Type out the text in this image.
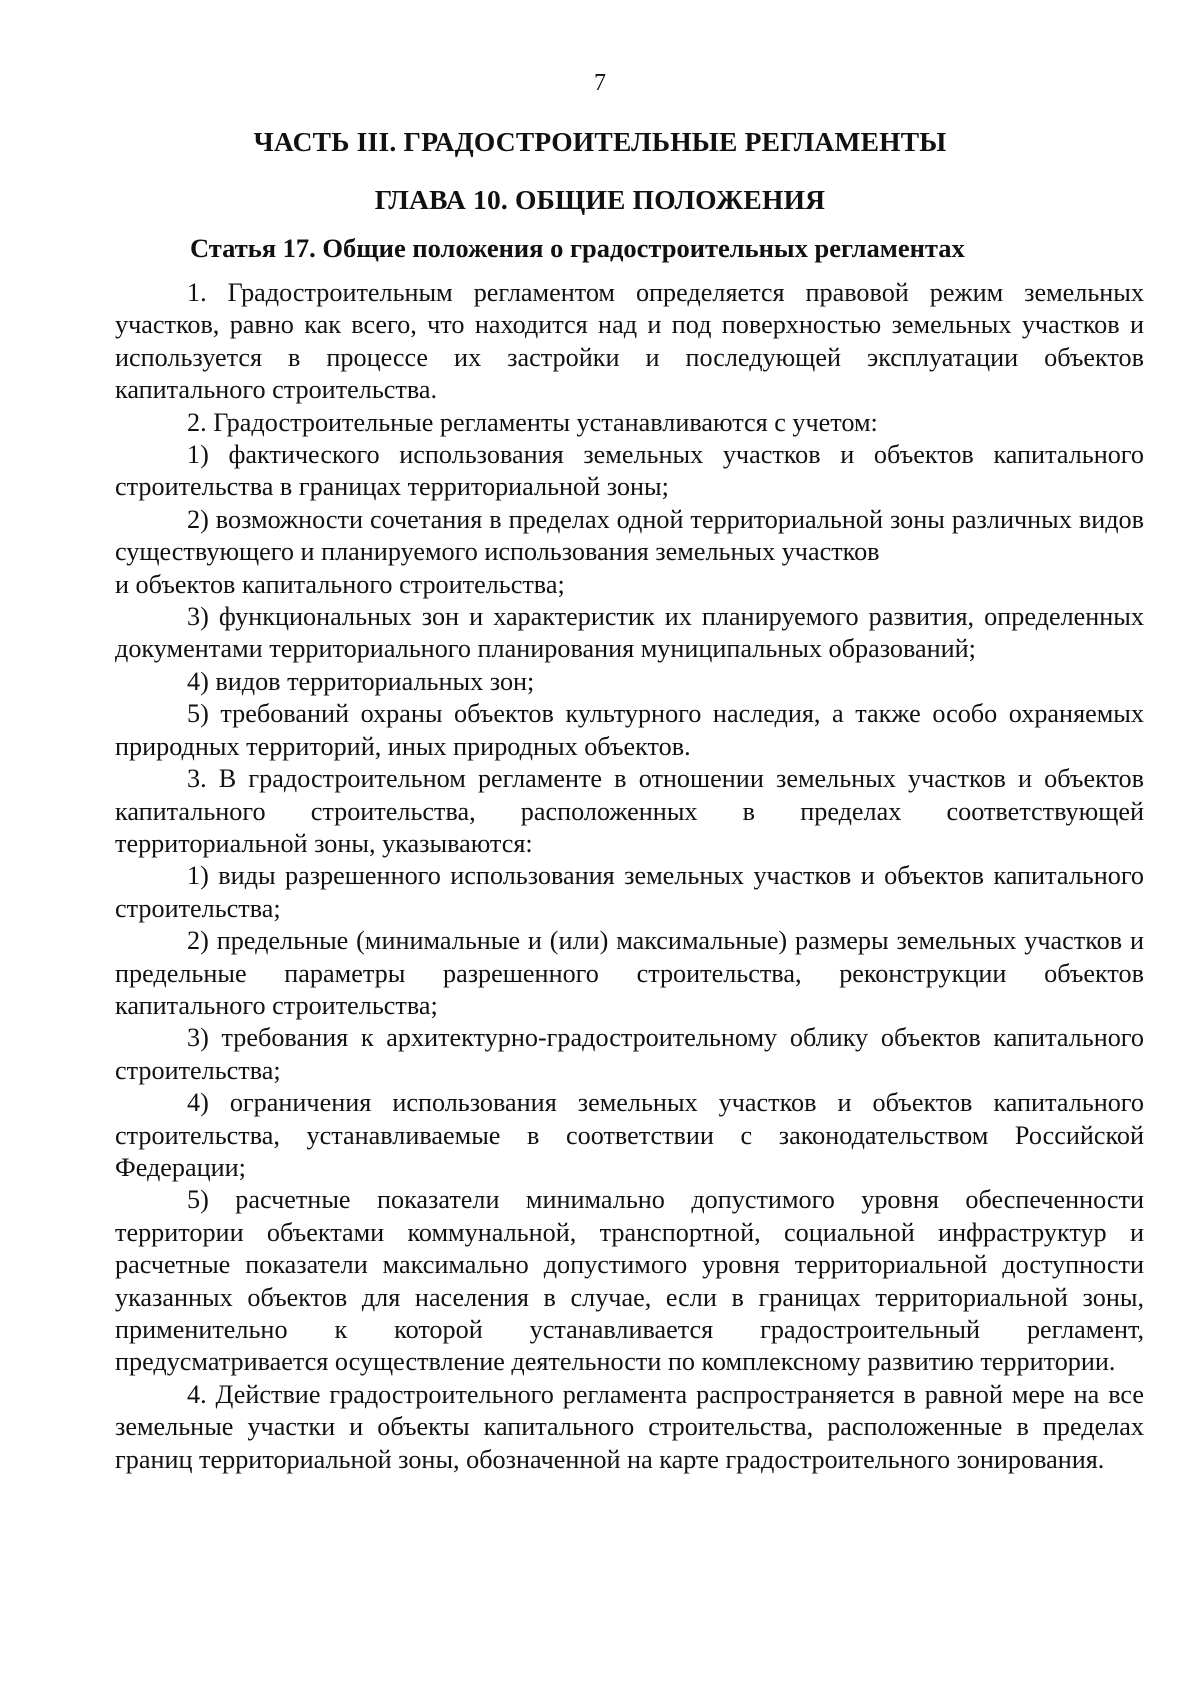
7
ЧАСТЬ III. ГРАДОСТРОИТЕЛЬНЫЕ РЕГЛАМЕНТЫ
ГЛАВА 10. ОБЩИЕ ПОЛОЖЕНИЯ
Статья 17. Общие положения о градостроительных регламентах

1. Градостроительным регламентом определяется правовой режим земельных участков, равно как всего, что находится над и под поверхностью земельных участков и используется в процессе их застройки и последующей эксплуатации объектов капитального строительства.

2. Градостроительные регламенты устанавливаются с учетом:

1) фактического использования земельных участков и объектов капитального строительства в границах территориальной зоны;

2) возможности сочетания в пределах одной территориальной зоны различных видов существующего и планируемого использования земельных участков

и объектов капитального строительства;

3) функциональных зон и характеристик их планируемого развития, определенных документами территориального планирования муниципальных образований;

4) видов территориальных зон;

5) требований охраны объектов культурного наследия, а также особо охраняемых природных территорий, иных природных объектов.

3. В градостроительном регламенте в отношении земельных участков и объектов капитального строительства, расположенных в пределах соответствующей территориальной зоны, указываются:

1) виды разрешенного использования земельных участков и объектов капитального строительства;

2) предельные (минимальные и (или) максимальные) размеры земельных участков и предельные параметры разрешенного строительства, реконструкции объектов капитального строительства;

3) требования к архитектурно-градостроительному облику объектов капитального строительства;

4) ограничения использования земельных участков и объектов капитального строительства, устанавливаемые в соответствии с законодательством Российской Федерации;

5) расчетные показатели минимально допустимого уровня обеспеченности территории объектами коммунальной, транспортной, социальной инфраструктур и расчетные показатели максимально допустимого уровня территориальной доступности указанных объектов для населения в случае, если в границах территориальной зоны, применительно к которой устанавливается градостроительный регламент, предусматривается осуществление деятельности по комплексному развитию территории.

4. Действие градостроительного регламента распространяется в равной мере на все земельные участки и объекты капитального строительства, расположенные в пределах границ территориальной зоны, обозначенной на карте градостроительного зонирования.
